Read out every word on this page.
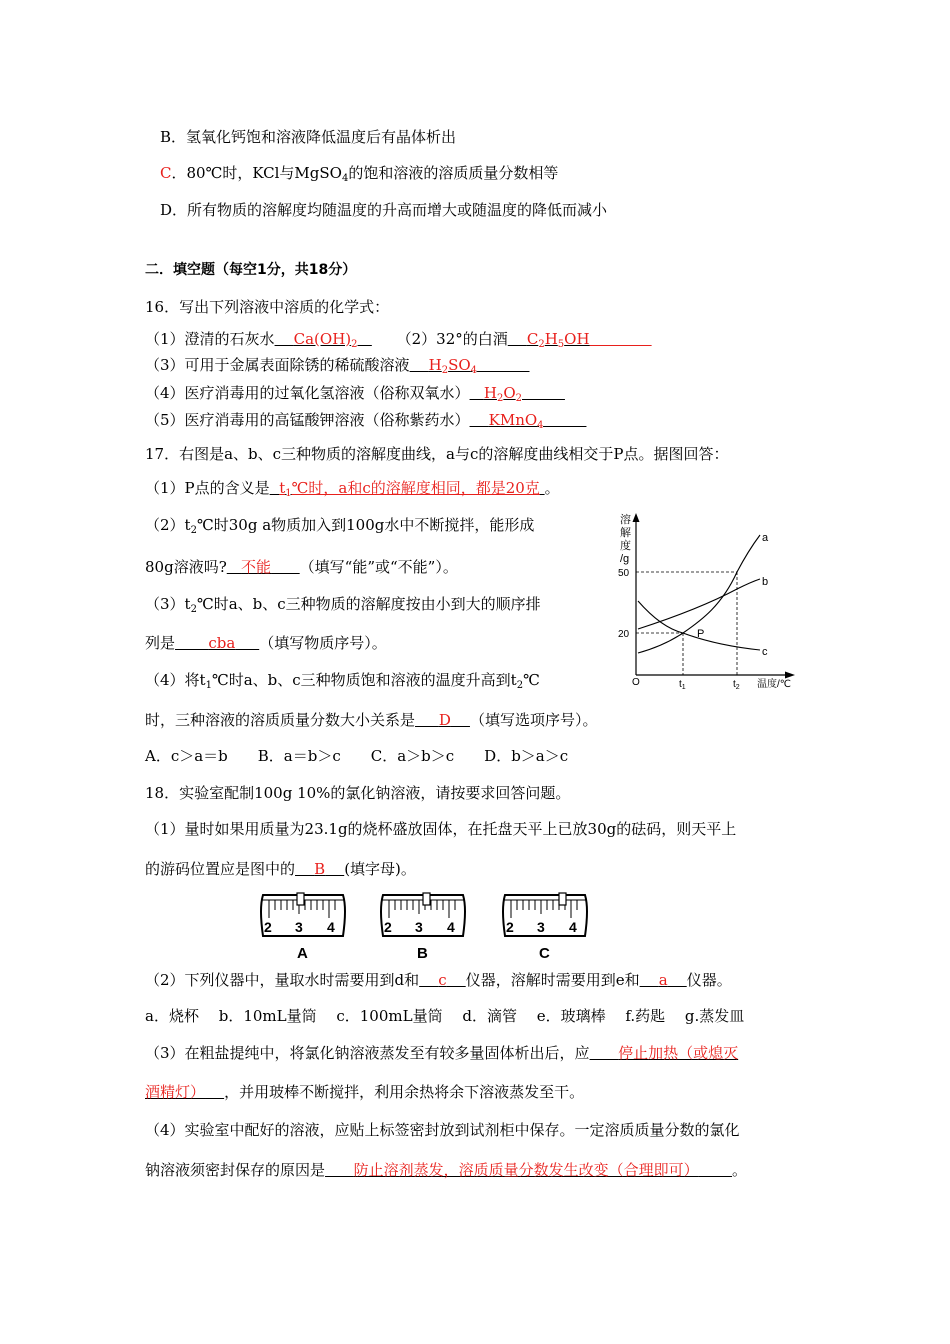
B．氢氧化钙饱和溶液降低温度后有晶体析出
C．80℃时，KCl与MgSO$_4$的饱和溶液的溶质质量分数相等
D．所有物质的溶解度均随温度的升高而增大或随温度的降低而减小
二．填空题（每空1分，共18分）
16．写出下列溶液中溶质的化学式：
（1）澄清的石灰水 $Ca(OH)_2$	（2）32°的白酒 $C_2H_5OH$
（3）可用于金属表面除锈的稀硫酸溶液 $H_2SO_4$
（4）医疗消毒用的过氧化氢溶液（俗称双氧水） $H_2O_2$
（5）医疗消毒用的高锰酸钾溶液（俗称紫药水） KMnO$_4$
17．右图是a、b、c三种物质的溶解度曲线，a与c的溶解度曲线相交于P点。据图回答：
（1）P点的含义是 $t_1℃$时，a和c的溶解度相同，都是20克 。
$(2)t_2℃$时30g a物质加入到100g水中不断搅拌，能形成
80g溶液吗? 不能 （填写“能”或“不能”）。
$(3)t_2℃$时a、b、c三种物质的溶解度按由小到大的顺序排
列是 cba （填写物质序号）。
（4）将$t_1℃$时a、b、c三种物质饱和溶液的温度升高到$t_2℃$
时，三种溶液的溶质质量分数大小关系是 D （填写选项序号）。
A．c＞a＝b　　B．a＝b＞c　　C．a＞b＞c　　D．b＞a＞c
溶
解
度
/g
a
b
c
P
50
20
O	$t_1$	$t_2$ 温度/℃
18．实验室配制100g 10%的氯化钠溶液，请按要求回答问题。
（1）量时如果用质量为23.1g的烧杯盛放固体，在托盘天平上已放30g的砝码，则天平上
的游码位置应是图中的 B (填字母)。
2 3 4
A
2 3 4
B
2 3 4
C
（2）下列仪器中，量取水时需要用到d和 c 仪器，溶解时需要用到e和 a 仪器。
a．烧杯　 b．10mL量筒　 c．100mL量筒　 d．滴管　 e．玻璃棒　 f.药匙　 g.蒸发皿
（3）在粗盐提纯中，将氯化钠溶液蒸发至有较多量固体析出后，应 停止加热（或熄灭
酒精灯） ，并用玻棒不断搅拌，利用余热将余下溶液蒸发至干。
（4）实验室中配好的溶液，应贴上标签密封放到试剂柜中保存。一定溶质质量分数的氯化
钠溶液须密封保存的原因是 防止溶剂蒸发，溶质质量分数发生改变（合理即可） 。
